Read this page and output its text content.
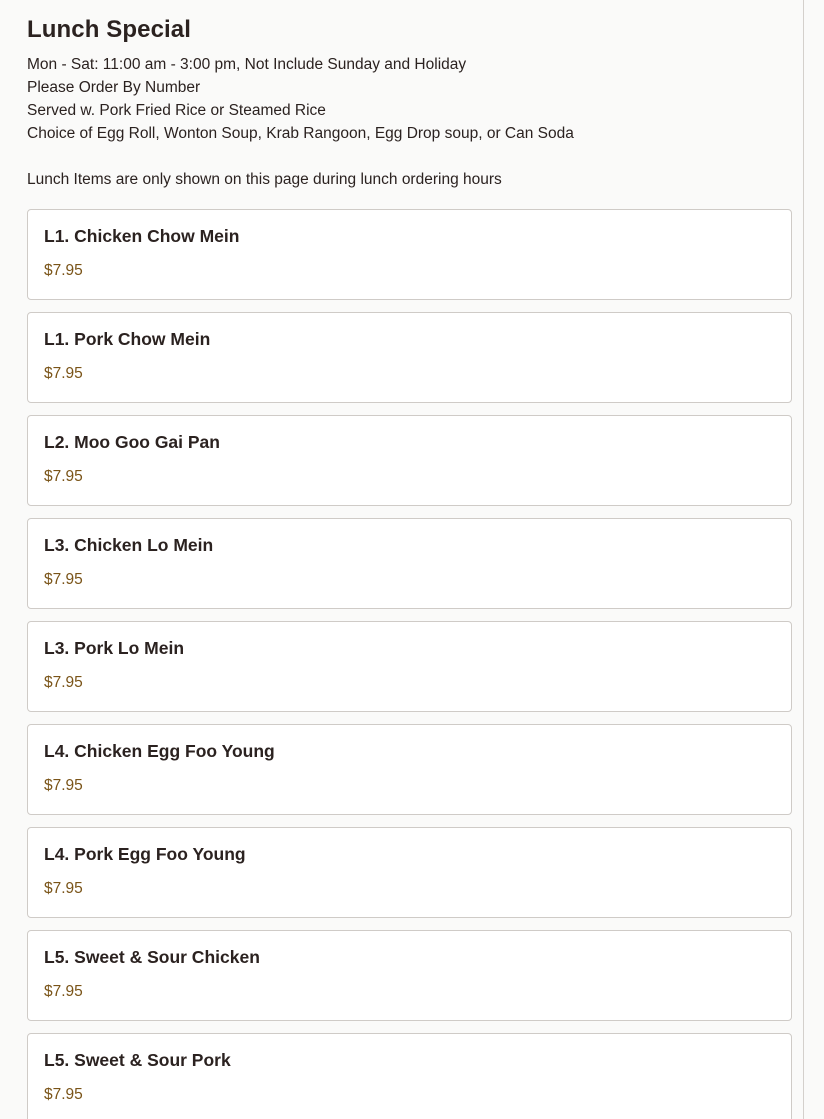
Lunch Special
Mon - Sat: 11:00 am - 3:00 pm, Not Include Sunday and Holiday
Please Order By Number
Served w. Pork Fried Rice or Steamed Rice
Choice of Egg Roll, Wonton Soup, Krab Rangoon, Egg Drop soup, or Can Soda
Lunch Items are only shown on this page during lunch ordering hours
L1. Chicken Chow Mein
$7.95
L1. Pork Chow Mein
$7.95
L2. Moo Goo Gai Pan
$7.95
L3. Chicken Lo Mein
$7.95
L3. Pork Lo Mein
$7.95
L4. Chicken Egg Foo Young
$7.95
L4. Pork Egg Foo Young
$7.95
L5. Sweet & Sour Chicken
$7.95
L5. Sweet & Sour Pork
$7.95
